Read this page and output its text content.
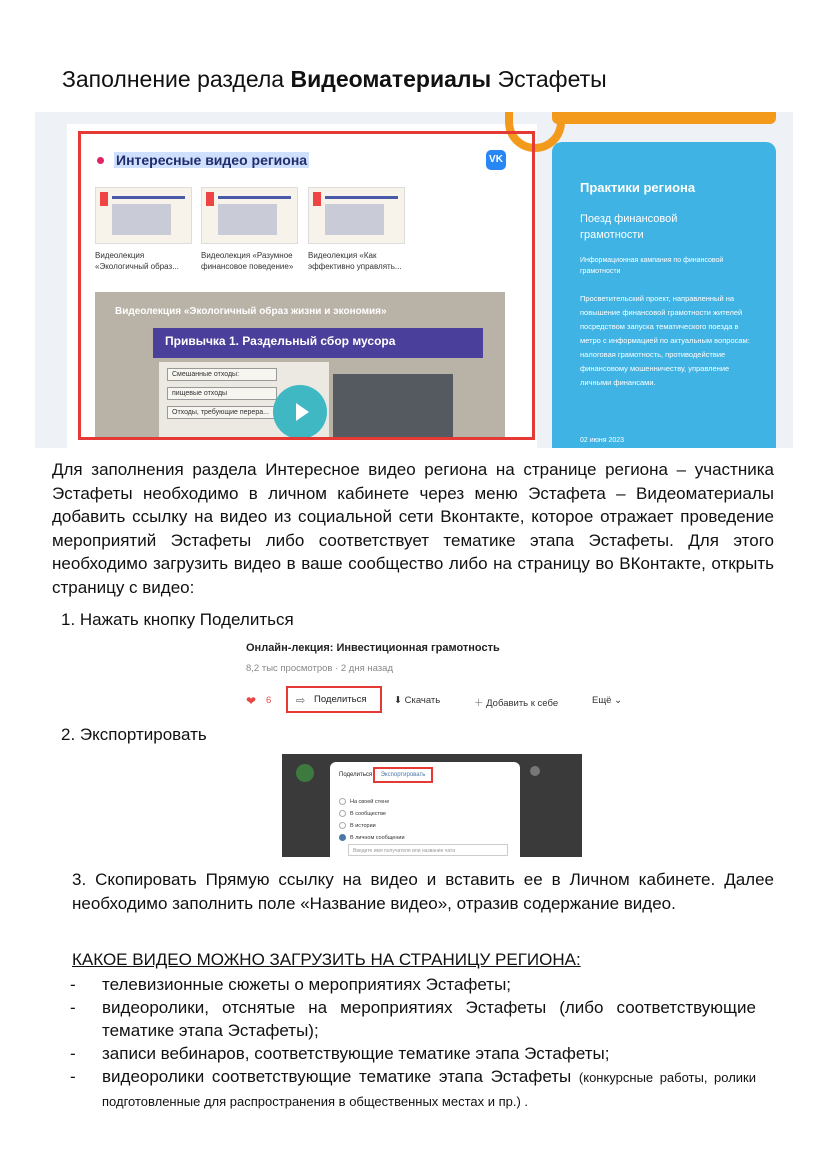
Заполнение раздела Видеоматериалы Эстафеты
Интересные видео региона	VK
Видеолекция «Экологичный образ...
Видеолекция «Разумное финансовое поведение»
Видеолекция «Как эффективно управлять...
Видеолекция «Экологичный образ жизни и экономия»
Привычка 1. Раздельный сбор мусора
Смешанные отходы:
пищевые отходы
Отходы, требующие перера...
Практики региона
Поезд финансовой грамотности
Информационная кампания по финансовой грамотности
Просветительский проект, направленный на повышение финансовой грамотности жителей посредством запуска тематического поезда в метро с информацией по актуальным вопросам: налоговая грамотность, противодействие финансовому мошенничеству, управление личными финансами.
02 июня 2023
Для заполнения раздела Интересное видео региона на странице региона – участника Эстафеты необходимо в личном кабинете через меню Эстафета – Видеоматериалы добавить ссылку на видео из социальной сети Вконтакте, которое отражает проведение мероприятий Эстафеты либо соответствует тематике этапа Эстафеты. Для этого необходимо загрузить видео в ваше сообщество либо на страницу во ВКонтакте, открыть страницу с видео:
1. Нажать кнопку Поделиться
Онлайн-лекция: Инвестиционная грамотность
8,2 тыс просмотров · 2 дня назад
❤ 6 ⇨ Поделиться	⬇ Скачать	＋ Добавить к себе	Ещё ⌄
2. Экспортировать
Поделиться	Экспортировать
На своей стене
В сообществе
В истории
В личном сообщении
Введите имя получателя или название чата
3. Скопировать Прямую ссылку на видео и вставить ее в Личном кабинете. Далее необходимо заполнить поле «Название видео», отразив содержание видео.
КАКОЕ ВИДЕО МОЖНО ЗАГРУЗИТЬ НА СТРАНИЦУ РЕГИОНА:
- телевизионные сюжеты о мероприятиях Эстафеты;
- видеоролики, отснятые на мероприятиях Эстафеты (либо соответствующие тематике этапа Эстафеты);
- записи вебинаров, соответствующие тематике этапа Эстафеты;
- видеоролики соответствующие тематике этапа Эстафеты (конкурсные работы, ролики подготовленные для распространения в общественных местах и пр.) .
